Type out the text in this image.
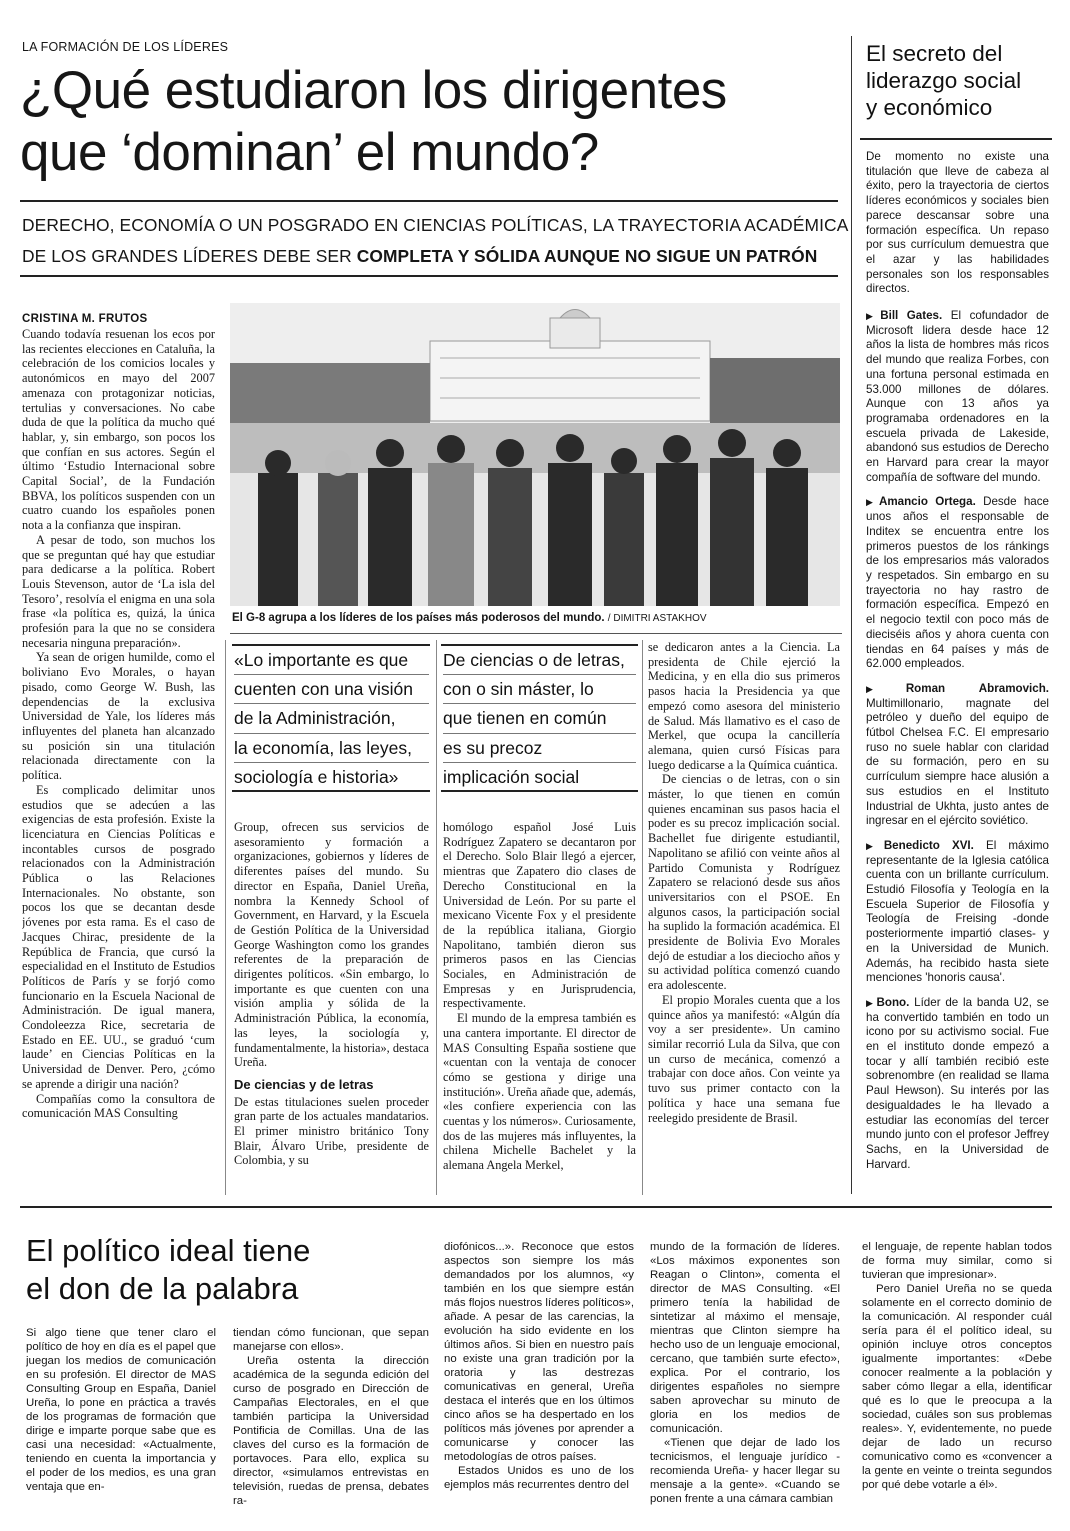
LA FORMACIÓN DE LOS LÍDERES
¿Qué estudiaron los dirigentes
que ‘dominan’ el mundo?
DERECHO, ECONOMÍA O UN POSGRADO EN CIENCIAS POLÍTICAS, LA TRAYECTORIA ACADÉMICA
DE LOS GRANDES LÍDERES DEBE SER COMPLETA Y SÓLIDA AUNQUE NO SIGUE UN PATRÓN
CRISTINA M. FRUTOS

Cuando todavía resuenan los ecos por las recientes elecciones en Cataluña, la celebración de los comicios locales y autonómicos en mayo del 2007 amenaza con protagonizar noticias, tertulias y conversaciones. No cabe duda de que la política da mucho qué hablar, y, sin embargo, son pocos los que confían en sus actores. Según el último ‘Estudio Internacional sobre Capital Social’, de la Fundación BBVA, los políticos suspenden con un cuatro cuando los españoles ponen nota a la confianza que inspiran.

A pesar de todo, son muchos los que se preguntan qué hay que estudiar para dedicarse a la política. Robert Louis Stevenson, autor de ‘La isla del Tesoro’, resolvía el enigma en una sola frase «la política es, quizá, la única profesión para la que no se considera necesaria ninguna preparación».

Ya sean de origen humilde, como el boliviano Evo Morales, o hayan pisado, como George W. Bush, las dependencias de la exclusiva Universidad de Yale, los líderes más influyentes del planeta han alcanzado su posición sin una titulación relacionada directamente con la política.

Es complicado delimitar unos estudios que se adecúen a las exigencias de esta profesión. Existe la licenciatura en Ciencias Políticas e incontables cursos de posgrado relacionados con la Administración Pública o las Relaciones Internacionales. No obstante, son pocos los que se decantan desde jóvenes por esta rama. Es el caso de Jacques Chirac, presidente de la República de Francia, que cursó la especialidad en el Instituto de Estudios Políticos de París y se forjó como funcionario en la Escuela Nacional de Administración. De igual manera, Condoleezza Rice, secretaria de Estado en EE. UU., se graduó ‘cum laude’ en Ciencias Políticas en la Universidad de Denver. Pero, ¿cómo se aprende a dirigir una nación?

Compañías como la consultora de comunicación MAS Consulting

El G-8 agrupa a los líderes de los países más poderosos del mundo. / DIMITRI ASTAKHOV
«Lo importante es que
cuenten con una visión
de la Administración,
la economía, las leyes,
sociología e historia»
De ciencias o de letras,
con o sin máster, lo
que tienen en común
es su precoz
implicación social

Group, ofrecen sus servicios de asesoramiento y formación a organizaciones, gobiernos y líderes de diferentes países del mundo. Su director en España, Daniel Ureña, nombra la Kennedy School of Government, en Harvard, y la Escuela de Gestión Política de la Universidad George Washington como los grandes referentes de la preparación de dirigentes políticos. «Sin embargo, lo importante es que cuenten con una visión amplia y sólida de la Administración Pública, la economía, las leyes, la sociología y, fundamentalmente, la historia», destaca Ureña.

De ciencias y de letras

De estas titulaciones suelen proceder gran parte de los actuales mandatarios. El primer ministro británico Tony Blair, Álvaro Uribe, presidente de Colombia, y su

homólogo español José Luis Rodríguez Zapatero se decantaron por el Derecho. Solo Blair llegó a ejercer, mientras que Zapatero dio clases de Derecho Constitucional en la Universidad de León. Por su parte el mexicano Vicente Fox y el presidente de la república italiana, Giorgio Napolitano, también dieron sus primeros pasos en las Ciencias Sociales, en Administración de Empresas y en Jurisprudencia, respectivamente.

El mundo de la empresa también es una cantera importante. El director de MAS Consulting España sostiene que «cuentan con la ventaja de conocer cómo se gestiona y dirige una institución». Ureña añade que, además, «les confiere experiencia con las cuentas y los números». Curiosamente, dos de las mujeres más influyentes, la chilena Michelle Bachelet y la alemana Angela Merkel,

se dedicaron antes a la Ciencia. La presidenta de Chile ejerció la Medicina, y en ella dio sus primeros pasos hacia la Presidencia ya que empezó como asesora del ministerio de Salud. Más llamativo es el caso de Merkel, que ocupa la cancillería alemana, quien cursó Físicas para luego dedicarse a la Química cuántica.

De ciencias o de letras, con o sin máster, lo que tienen en común quienes encaminan sus pasos hacia el poder es su precoz implicación social. Bachellet fue dirigente estudiantil, Napolitano se afilió con veinte años al Partido Comunista y Rodríguez Zapatero se relacionó desde sus años universitarios con el PSOE. En algunos casos, la participación social ha suplido la formación académica. El presidente de Bolivia Evo Morales dejó de estudiar a los dieciocho años y su actividad política comenzó cuando era adolescente.

El propio Morales cuenta que a los quince años ya manifestó: «Algún día voy a ser presidente». Un camino similar recorrió Lula da Silva, que con un curso de mecánica, comenzó a trabajar con doce años. Con veinte ya tuvo sus primer contacto con la política y hace una semana fue reelegido presidente de Brasil.

El secreto del
liderazgo social
y económico
De momento no existe una titulación que lleve de cabeza al éxito, pero la trayectoria de ciertos líderes económicos y sociales bien parece descansar sobre una formación específica. Un repaso por sus currículum demuestra que el azar y las habilidades personales son los responsables directos.
▶ Bill Gates. El cofundador de Microsoft lidera desde hace 12 años la lista de hombres más ricos del mundo que realiza Forbes, con una fortuna personal estimada en 53.000 millones de dólares. Aunque con 13 años ya programaba ordenadores en la escuela privada de Lakeside, abandonó sus estudios de Derecho en Harvard para crear la mayor compañía de software del mundo.
▶ Amancio Ortega. Desde hace unos años el responsable de Inditex se encuentra entre los primeros puestos de los ránkings de los empresarios más valorados y respetados. Sin embargo en su trayectoria no hay rastro de formación específica. Empezó en el negocio textil con poco más de dieciséis años y ahora cuenta con tiendas en 64 países y más de 62.000 empleados.
▶ Roman Abramovich. Multimillonario, magnate del petróleo y dueño del equipo de fútbol Chelsea F.C. El empresario ruso no suele hablar con claridad de su formación, pero en su currículum siempre hace alusión a sus estudios en el Instituto Industrial de Ukhta, justo antes de ingresar en el ejército soviético.
▶ Benedicto XVI. El máximo representante de la Iglesia católica cuenta con un brillante currículum. Estudió Filosofía y Teología en la Escuela Superior de Filosofía y Teología de Freising -donde posteriormente impartió clases- y en la Universidad de Munich. Además, ha recibido hasta siete menciones 'honoris causa'.
▶ Bono. Líder de la banda U2, se ha convertido también en todo un icono por su activismo social. Fue en el instituto donde empezó a tocar y allí también recibió este sobrenombre (en realidad se llama Paul Hewson). Su interés por las desigualdades le ha llevado a estudiar las economías del tercer mundo junto con el profesor Jeffrey Sachs, en la Universidad de Harvard.
El político ideal tiene
el don de la palabra
Si algo tiene que tener claro el político de hoy en día es el papel que juegan los medios de comunicación en su profesión. El director de MAS Consulting Group en España, Daniel Ureña, lo pone en práctica a través de los programas de formación que dirige e imparte porque sabe que es casi una necesidad: «Actualmente, teniendo en cuenta la importancia y el poder de los medios, es una gran ventaja que en-
tiendan cómo funcionan, que sepan manejarse con ellos».

Ureña ostenta la dirección académica de la segunda edición del curso de posgrado en Dirección de Campañas Electorales, en el que también participa la Universidad Pontificia de Comillas. Una de las claves del curso es la formación de portavoces. Para ello, explica su director, «simulamos entrevistas en televisión, ruedas de prensa, debates ra-

diofónicos...». Reconoce que estos aspectos son siempre los más demandados por los alumnos, «y también en los que siempre están más flojos nuestros líderes políticos», añade. A pesar de las carencias, la evolución ha sido evidente en los últimos años. Si bien en nuestro país no existe una gran tradición por la oratoria y las destrezas comunicativas en general, Ureña destaca el interés que en los últimos cinco años se ha despertado en los políticos más jóvenes por aprender a comunicarse y conocer las metodologías de otros países.

Estados Unidos es uno de los ejemplos más recurrentes dentro del

mundo de la formación de líderes. «Los máximos exponentes son Reagan o Clinton», comenta el director de MAS Consulting. «El primero tenía la habilidad de sintetizar al máximo el mensaje, mientras que Clinton siempre ha hecho uso de un lenguaje emocional, cercano, que también surte efecto», explica. Por el contrario, los dirigentes españoles no siempre saben aprovechar su minuto de gloria en los medios de comunicación.

«Tienen que dejar de lado los tecnicismos, el lenguaje jurídico -recomienda Ureña- y hacer llegar su mensaje a la gente». «Cuando se ponen frente a una cámara cambian

el lenguaje, de repente hablan todos de forma muy similar, como si tuvieran que impresionar».

Pero Daniel Ureña no se queda solamente en el correcto dominio de la comunicación. Al responder cuál sería para él el político ideal, su opinión incluye otros conceptos igualmente importantes: «Debe conocer realmente a la población y saber cómo llegar a ella, identificar qué es lo que le preocupa a la sociedad, cuáles son sus problemas reales». Y, evidentemente, no puede dejar de lado un recurso comunicativo como es «convencer a la gente en veinte o treinta segundos por qué debe votarle a él».
